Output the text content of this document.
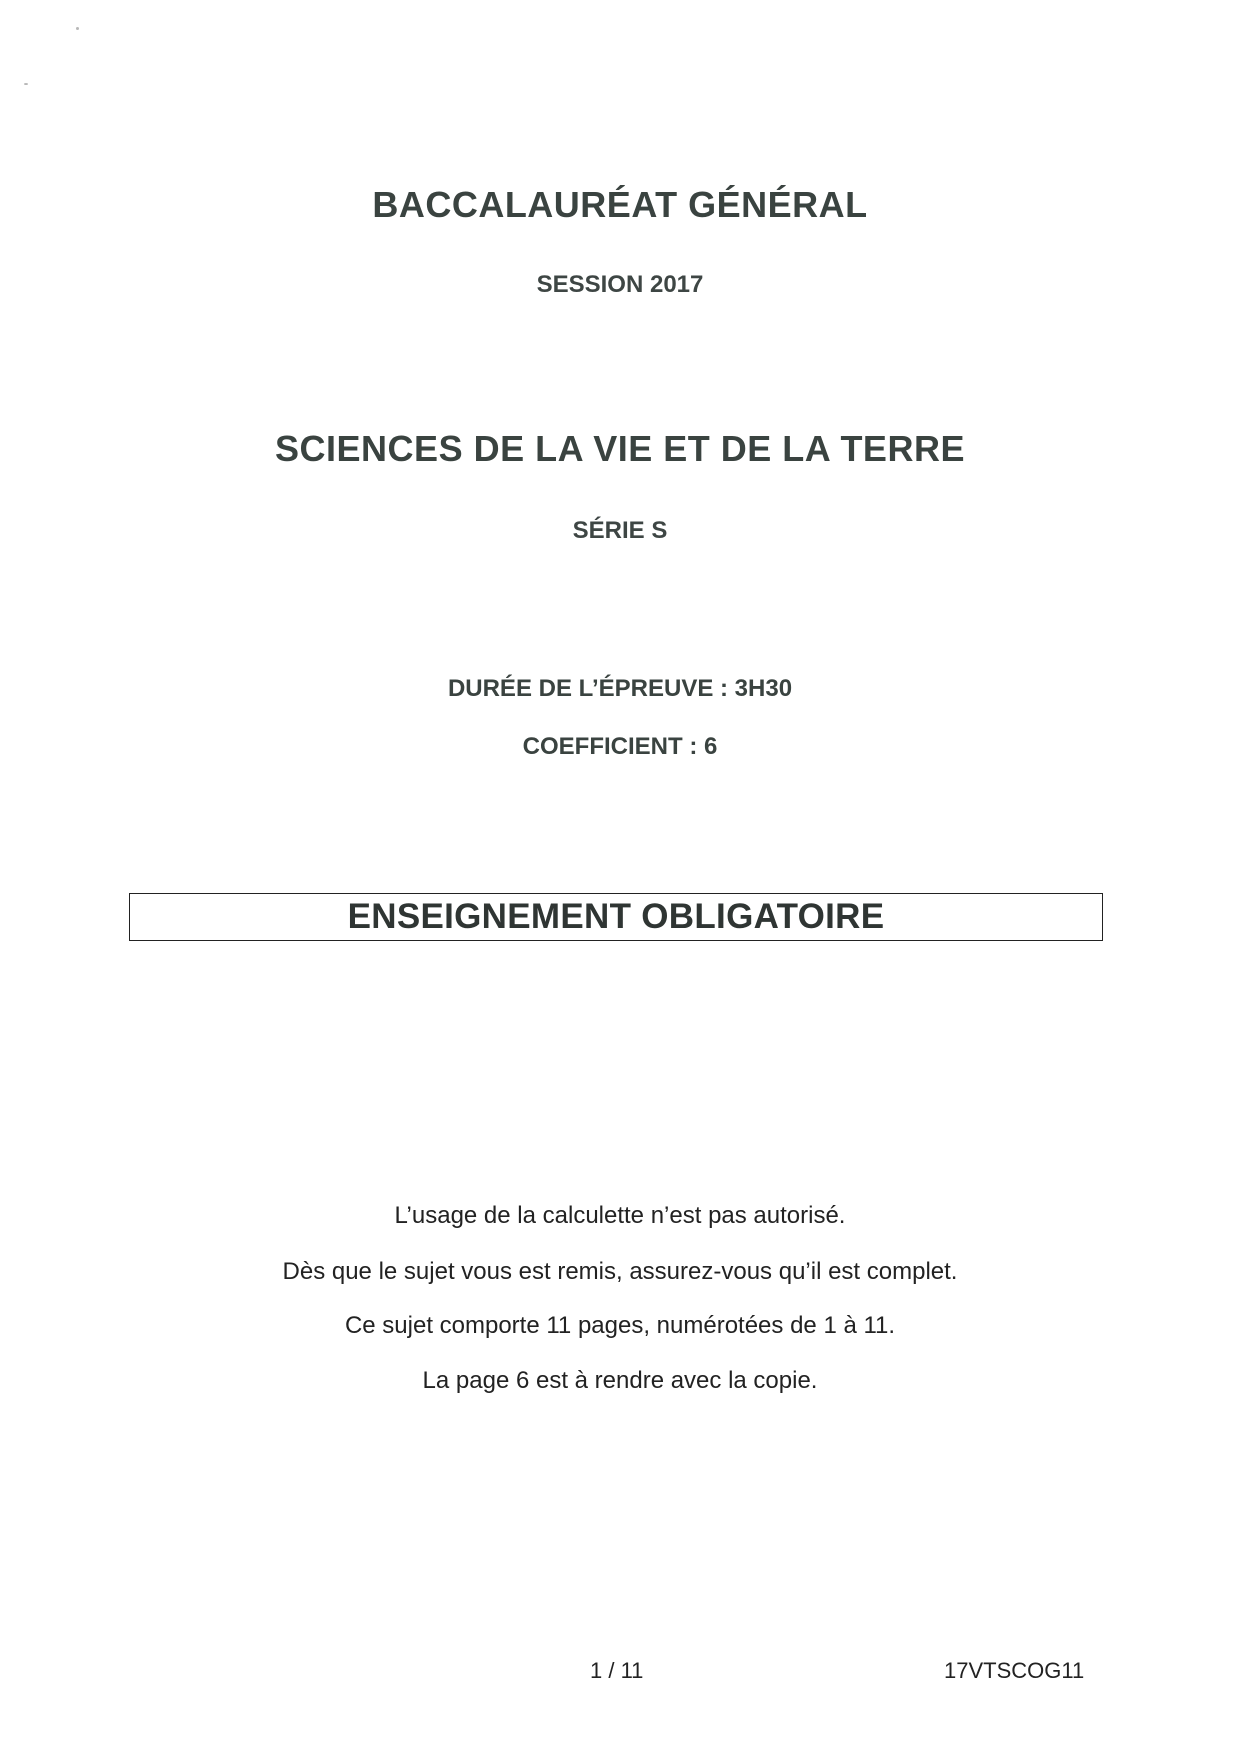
BACCALAURÉAT GÉNÉRAL
SESSION 2017
SCIENCES DE LA VIE ET DE LA TERRE
SÉRIE S
DURÉE DE L’ÉPREUVE : 3H30
COEFFICIENT : 6
ENSEIGNEMENT OBLIGATOIRE
L’usage de la calculette n’est pas autorisé.
Dès que le sujet vous est remis, assurez-vous qu’il est complet.
Ce sujet comporte 11 pages, numérotées de 1 à 11.
La page 6 est à rendre avec la copie.
1 / 11	17VTSCOG11
